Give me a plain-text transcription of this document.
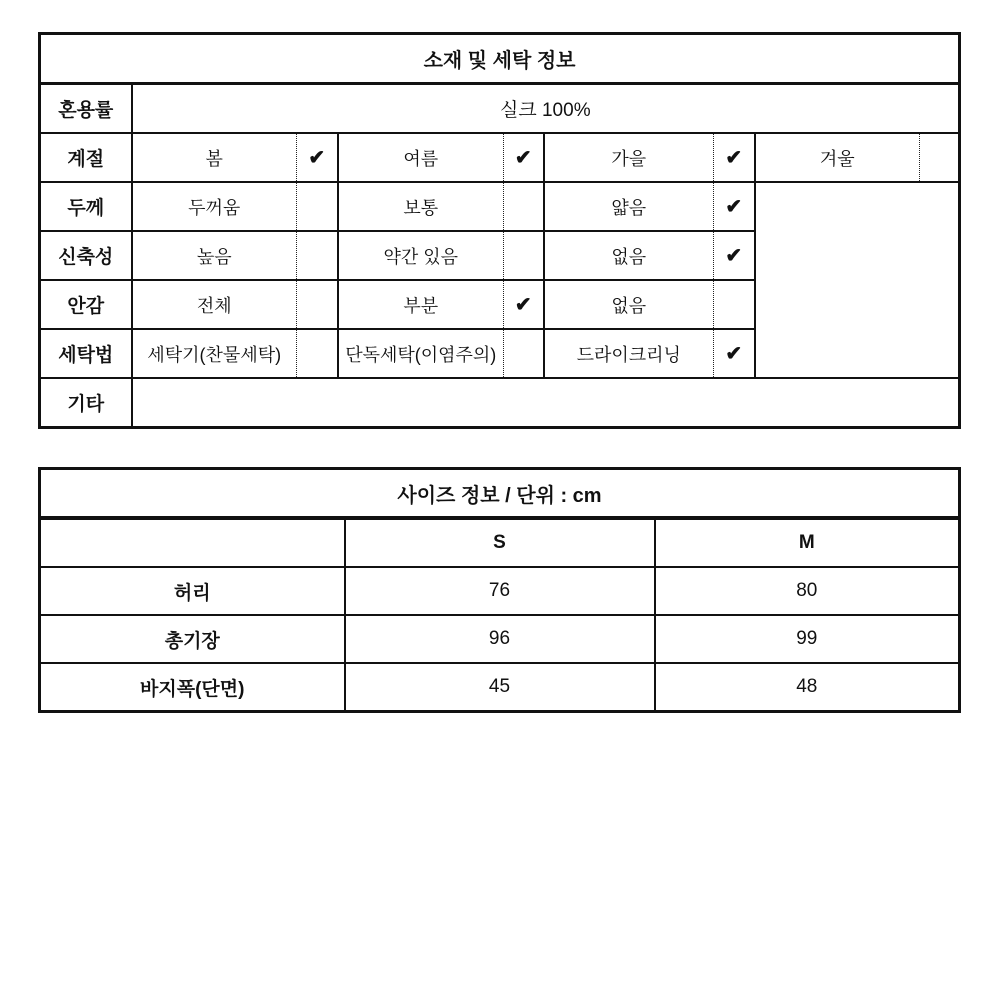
소재 및 세탁 정보								
혼용률	실크 100%							
계절	봄	✔	여름	✔	가을	✔	겨울	
두께	두꺼움		보통		얇음	✔		
신축성	높음		약간 있음		없음	✔		
안감	전체		부분	✔	없음			
세탁법	세탁기(찬물세탁)		단독세탁(이염주의)		드라이크리닝	✔		
기타								
사이즈 정보 / 단위 : cm		
	S	M
허리	76	80
총기장	96	99
바지폭(단면)	45	48
